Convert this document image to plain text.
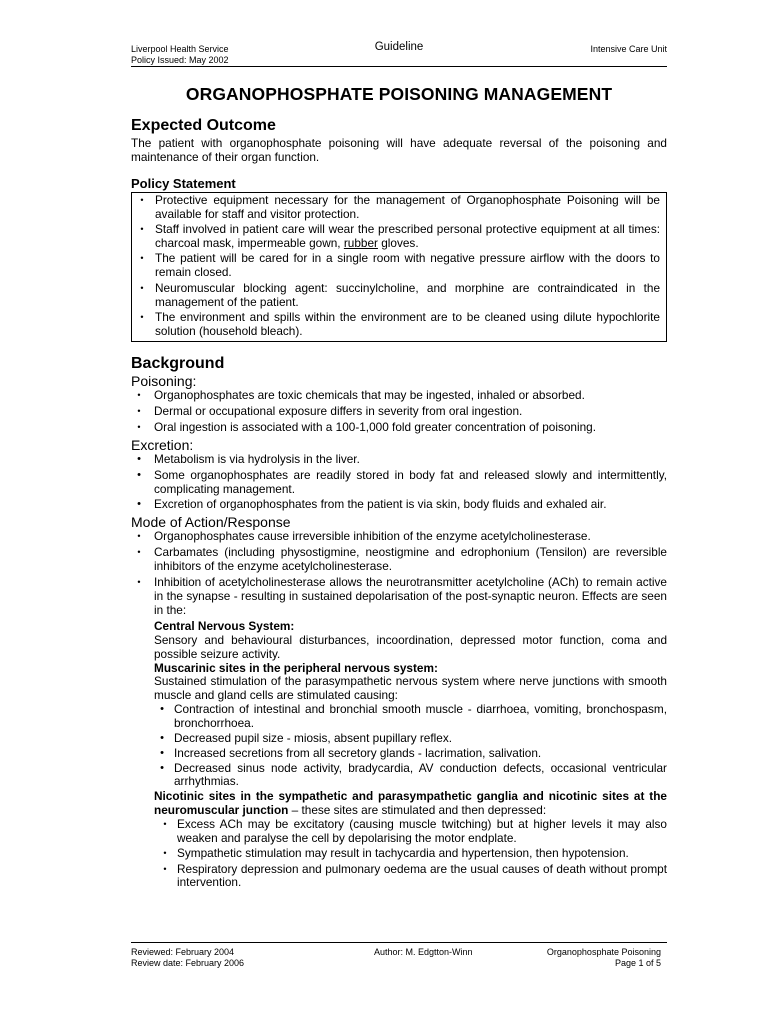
Liverpool Health Service
Policy Issued: May 2002
Guideline	Intensive Care Unit
ORGANOPHOSPHATE POISONING MANAGEMENT
Expected Outcome

The patient with organophosphate poisoning will have adequate reversal of the poisoning and maintenance of their organ function.

Policy Statement
• Protective equipment necessary for the management of Organophosphate Poisoning will be available for staff and visitor protection.
• Staff involved in patient care will wear the prescribed personal protective equipment at all times: charcoal mask, impermeable gown, rubber gloves.
• The patient will be cared for in a single room with negative pressure airflow with the doors to remain closed.
• Neuromuscular blocking agent: succinylcholine, and morphine are contraindicated in the management of the patient.
• The environment and spills within the environment are to be cleaned using dilute hypochlorite solution (household bleach).
Background

Poisoning:

•	Organophosphates are toxic chemicals that may be ingested, inhaled or absorbed.
•	Dermal or occupational exposure differs in severity from oral ingestion.
•	Oral ingestion is associated with a 100-1,000 fold greater concentration of poisoning.

Excretion:

•	Metabolism is via hydrolysis in the liver.
•	Some organophosphates are readily stored in body fat and released slowly and intermittently, complicating management.
•	Excretion of organophosphates from the patient is via skin, body fluids and exhaled air.

Mode of Action/Response

•	Organophosphates cause irreversible inhibition of the enzyme acetylcholinesterase.
•	Carbamates (including physostigmine, neostigmine and edrophonium (Tensilon) are reversible inhibitors of the enzyme acetylcholinesterase.
•	Inhibition of acetylcholinesterase allows the neurotransmitter acetylcholine (ACh) to remain active in the synapse - resulting in sustained depolarisation of the post-synaptic neuron. Effects are seen in the:
Central Nervous System:
Sensory and behavioural disturbances, incoordination, depressed motor function, coma and possible seizure activity.
Muscarinic sites in the peripheral nervous system:
Sustained stimulation of the parasympathetic nervous system where nerve junctions with smooth muscle and gland cells are stimulated causing:
• Contraction of intestinal and bronchial smooth muscle - diarrhoea, vomiting, bronchospasm, bronchorrhoea.
• Decreased pupil size - miosis, absent pupillary reflex.
• Increased secretions from all secretory glands - lacrimation, salivation.
• Decreased sinus node activity, bradycardia, AV conduction defects, occasional ventricular arrhythmias.
Nicotinic sites in the sympathetic and parasympathetic ganglia and nicotinic sites at the neuromuscular junction – these sites are stimulated and then depressed:
• Excess ACh may be excitatory (causing muscle twitching) but at higher levels it may also weaken and paralyse the cell by depolarising the motor endplate.
• Sympathetic stimulation may result in tachycardia and hypertension, then hypotension.
• Respiratory depression and pulmonary oedema are the usual causes of death without prompt intervention.
Reviewed: February 2004	Author: M. Edgtton-Winn	Organophosphate Poisoning
Review date: February 2006	Page 1 of 5
